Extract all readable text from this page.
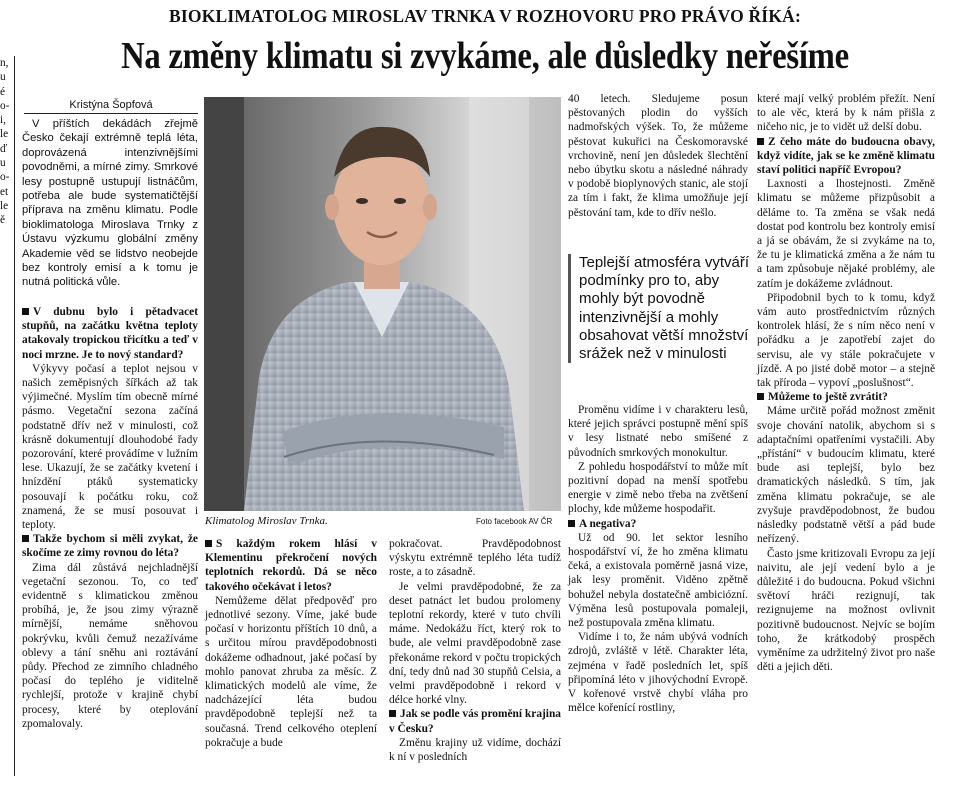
BIOKLIMATOLOG MIROSLAV TRNKA V ROZHOVORU PRO PRÁVO ŘÍKÁ:
Na změny klimatu si zvykáme, ale důsledky neřešíme
n,
u
é
o-
i,
le
ď
u
o-
et
le
ě
Kristýna Šopfová

V příštích dekádách zřejmě Česko čekají extrémně teplá léta, doprovázená intenzivnějšími povodněmi, a mírné zimy. Smrkové lesy postupně ustupují listnáčům, potřeba ale bude systematičtější příprava na změnu klimatu. Podle bioklimatologa Miroslava Trnky z Ústavu výzkumu globální změny Akademie věd se lidstvo neobejde bez kontroly emisí a k tomu je nutná politická vůle.

V dubnu bylo i pětadvacet stupňů, na začátku května teploty atakovaly tropickou třicítku a teď v noci mrzne. Je to nový standard?

Výkyvy počasí a teplot nejsou v našich zeměpisných šířkách až tak výjimečné. Myslím tím obecně mírné pásmo. Vegetační sezona začíná podstatně dřív než v minulosti, což krásně dokumentují dlouhodobé řady pozorování, které provádíme v lužním lese. Ukazují, že se začátky kvetení i hnízdění ptáků systematicky posouvají k počátku roku, což znamená, že se musí posouvat i teploty.

Takže bychom si měli zvykat, že skočíme ze zimy rovnou do léta?

Zima dál zůstává nejchladnější vegetační sezonou. To, co teď evidentně s klimatickou změnou probíhá, je, že jsou zimy výrazně mírnější, nemáme sněhovou pokrývku, kvůli čemuž nezažíváme oblevy a tání sněhu ani roztávání půdy. Přechod ze zimního chladného počasí do teplého je viditelně rychlejší, protože v krajině chybí procesy, které by oteplování zpomalovaly.

Klimatolog Miroslav Trnka.	Foto facebook AV ČR

S každým rokem hlásí v Klementinu překročení nových teplotních rekordů. Dá se něco takového očekávat i letos?

Nemůžeme dělat předpověď pro jednotlivé sezony. Víme, jaké bude počasí v horizontu příštích 10 dnů, a s určitou mírou pravděpodobnosti dokážeme odhadnout, jaké počasí by mohlo panovat zhruba za měsíc. Z klimatických modelů ale víme, že nadcházející léta budou pravděpodobně teplejší než ta současná. Trend celkového oteplení pokračuje a bude

pokračovat. Pravděpodobnost výskytu extrémně teplého léta tudíž roste, a to zásadně.

Je velmi pravděpodobné, že za deset patnáct let budou prolomeny teplotní rekordy, které v tuto chvíli máme. Nedokážu říct, který rok to bude, ale velmi pravděpodobně zase překonáme rekord v počtu tropických dní, tedy dnů nad 30 stupňů Celsia, a velmi pravděpodobně i rekord v délce horké vlny.

Jak se podle vás promění krajina v Česku?

Změnu krajiny už vidíme, dochází k ní v posledních

40 letech. Sledujeme posun pěstovaných plodin do vyšších nadmořských výšek. To, že můžeme pěstovat kukuřici na Českomoravské vrchovině, není jen důsledek šlechtění nebo úbytku skotu a následné náhrady v podobě bioplynových stanic, ale stojí za tím i fakt, že klima umožňuje její pěstování tam, kde to dřív nešlo.

Teplejší atmosféra vytváří podmínky pro to, aby mohly být povodně intenzivnější a mohly obsahovat větší množství srážek než v minulosti

Proměnu vidíme i v charakteru lesů, které jejich správci postupně mění spíš v lesy listnaté nebo smíšené z původních smrkových monokultur.

Z pohledu hospodářství to může mít pozitivní dopad na menší spotřebu energie v zimě nebo třeba na zvětšení plochy, kde můžeme hospodařit.

A negativa?

Už od 90. let sektor lesního hospodářství ví, že ho změna klimatu čeká, a existovala poměrně jasná vize, jak lesy proměnit. Viděno zpětně bohužel nebyla dostatečně ambiciózní. Výměna lesů postupovala pomaleji, než postupovala změna klimatu.

Vidíme i to, že nám ubývá vodních zdrojů, zvláště v létě. Charakter léta, zejména v řadě posledních let, spíš připomíná léto v jihovýchodní Evropě. V kořenové vrstvě chybí vláha pro mělce kořenící rostliny,

které mají velký problém přežít. Není to ale věc, která by k nám přišla z ničeho nic, je to vidět už delší dobu.

Z čeho máte do budoucna obavy, když vidíte, jak se ke změně klimatu staví politici napříč Evropou?

Laxnosti a lhostejnosti. Změně klimatu se můžeme přizpůsobit a děláme to. Ta změna se však nedá dostat pod kontrolu bez kontroly emisí a já se obávám, že si zvykáme na to, že tu je klimatická změna a že nám tu a tam způsobuje nějaké problémy, ale zatím je dokážeme zvládnout.

Připodobnil bych to k tomu, když vám auto prostřednictvím různých kontrolek hlásí, že s ním něco není v pořádku a je zapotřebí zajet do servisu, ale vy stále pokračujete v jízdě. A po jisté době motor – a stejně tak příroda – vypoví „poslušnost“.

Můžeme to ještě zvrátit?

Máme určitě pořád možnost změnit svoje chování natolik, abychom si s adaptačními opatřeními vystačili. Aby „přístání“ v budoucím klimatu, které bude asi teplejší, bylo bez dramatických následků. S tím, jak změna klimatu pokračuje, se ale zvyšuje pravděpodobnost, že budou následky podstatně větší a pád bude neřízený.

Často jsme kritizovali Evropu za její naivitu, ale její vedení bylo a je důležité i do budoucna. Pokud všichni světoví hráči rezignují, tak rezignujeme na možnost ovlivnit pozitivně budoucnost. Nejvíc se bojím toho, že krátkodobý prospěch vyměníme za udržitelný život pro naše děti a jejich děti.
